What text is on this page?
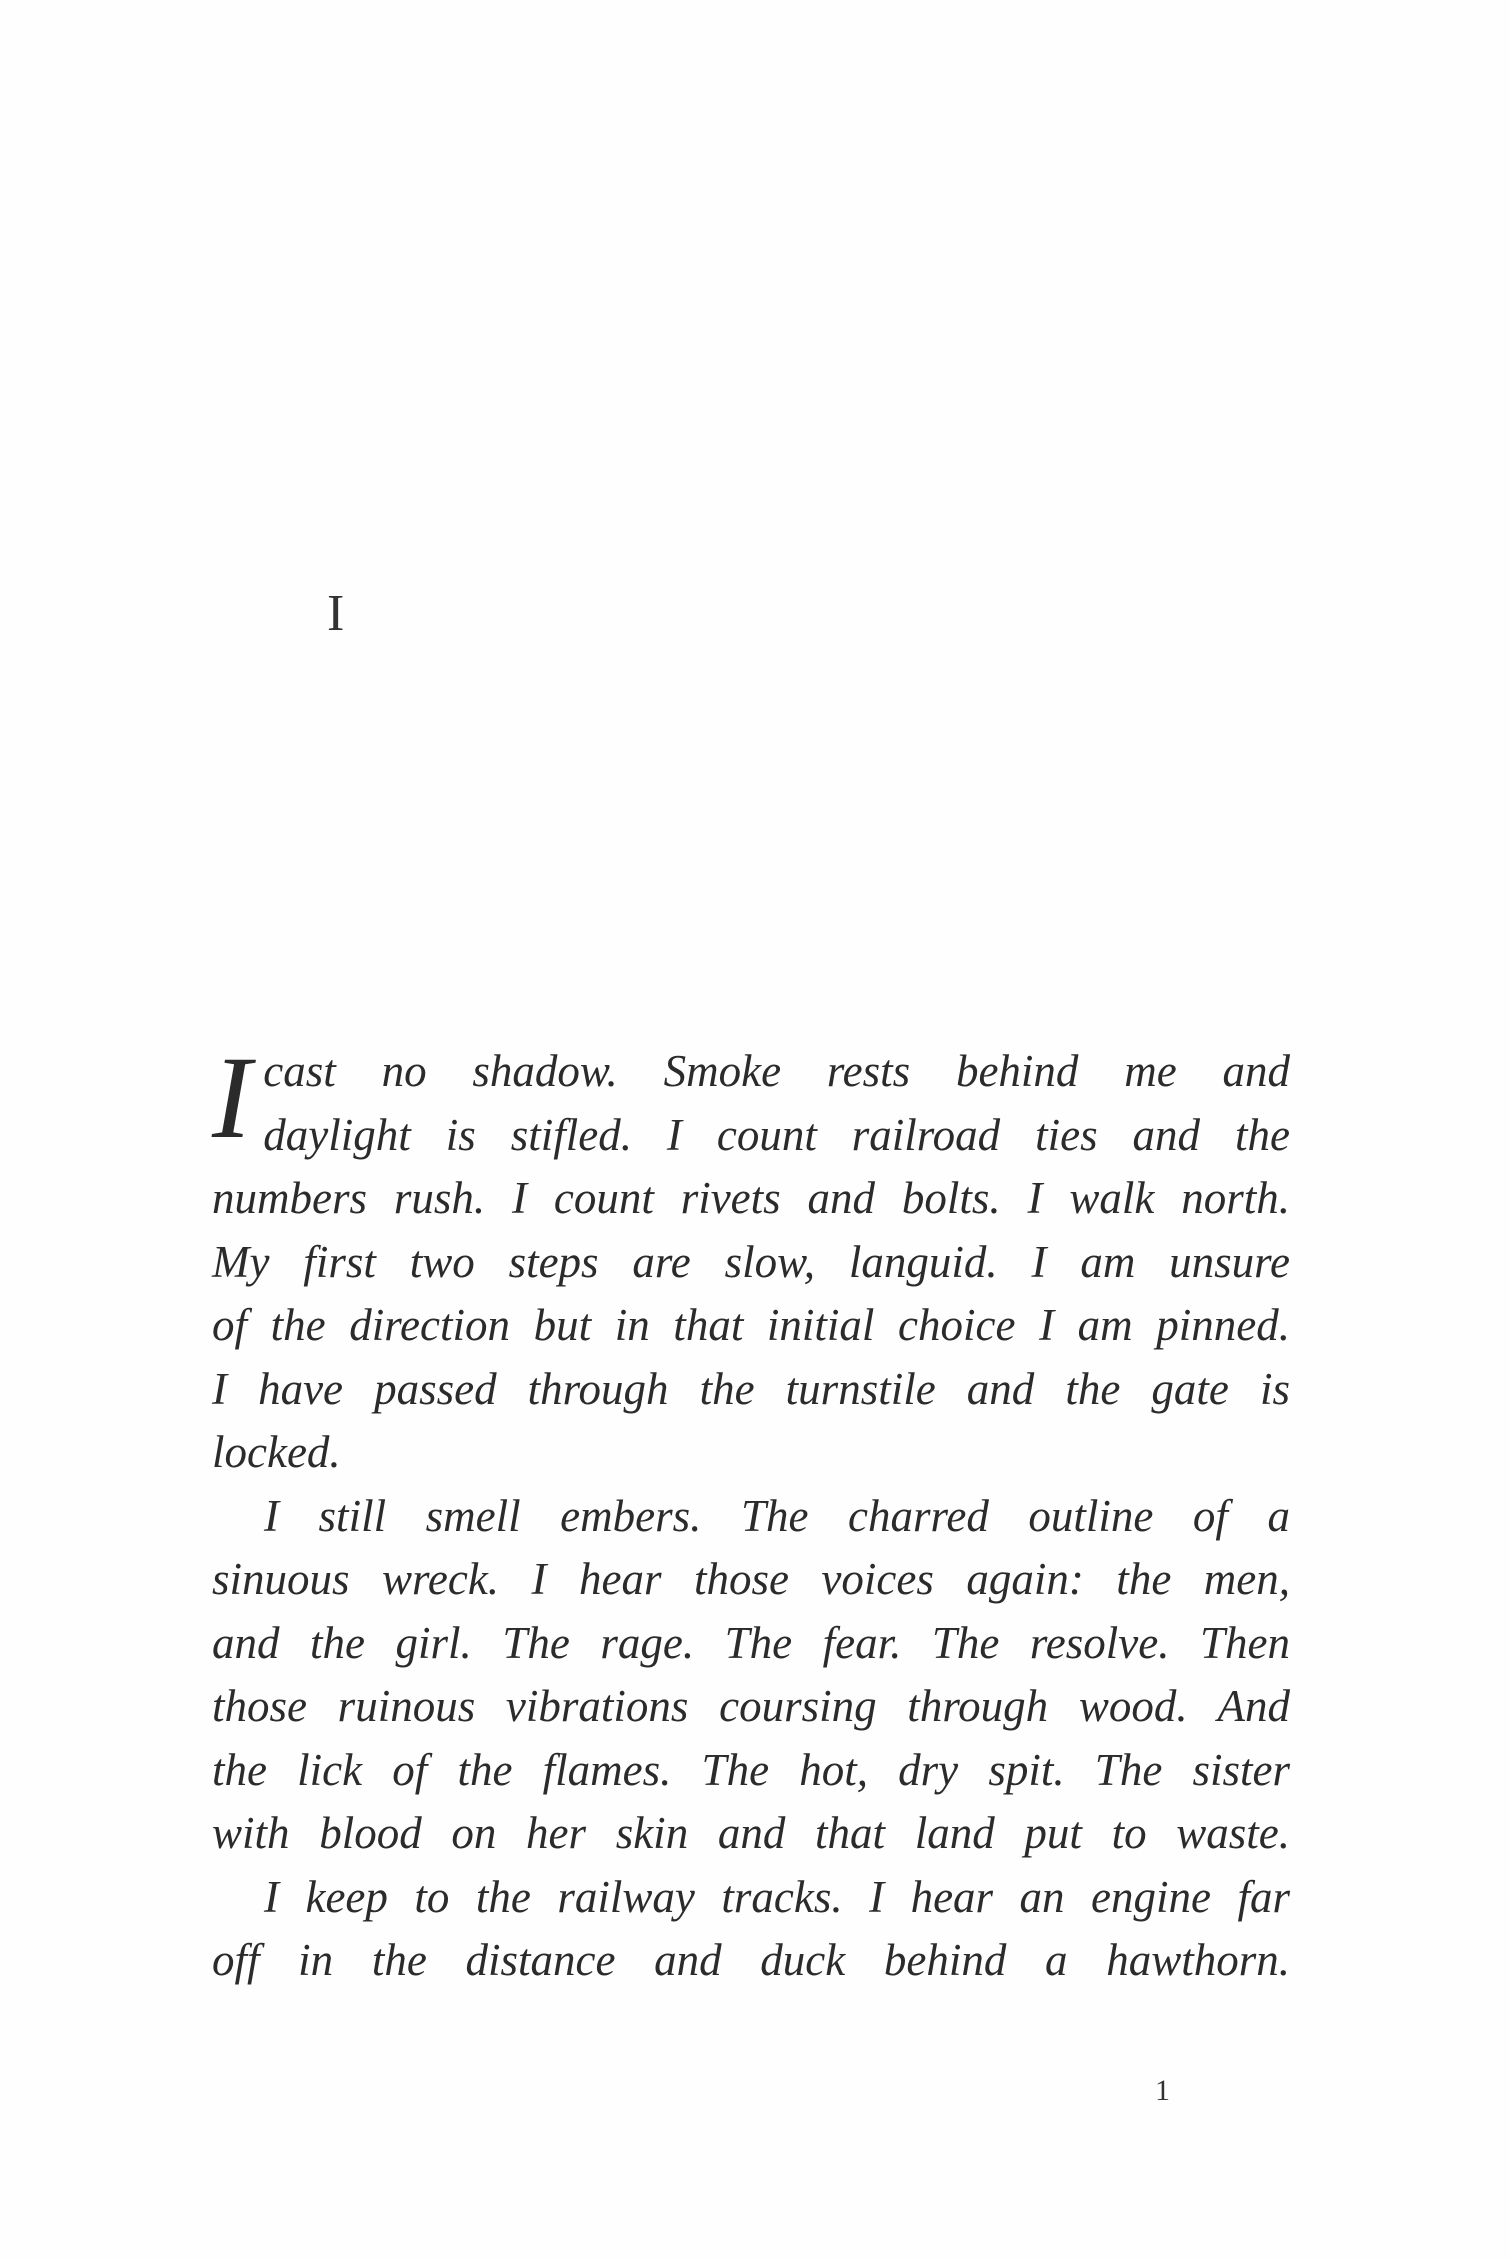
I
I cast no shadow. Smoke rests behind me and
daylight is stifled. I count railroad ties and the
numbers rush. I count rivets and bolts. I walk north.
My first two steps are slow, languid. I am unsure
of the direction but in that initial choice I am pinned.
I have passed through the turnstile and the gate is
locked.
I still smell embers. The charred outline of a
sinuous wreck. I hear those voices again: the men,
and the girl. The rage. The fear. The resolve. Then
those ruinous vibrations coursing through wood. And
the lick of the flames. The hot, dry spit. The sister
with blood on her skin and that land put to waste.
I keep to the railway tracks. I hear an engine far
off in the distance and duck behind a hawthorn.
1
